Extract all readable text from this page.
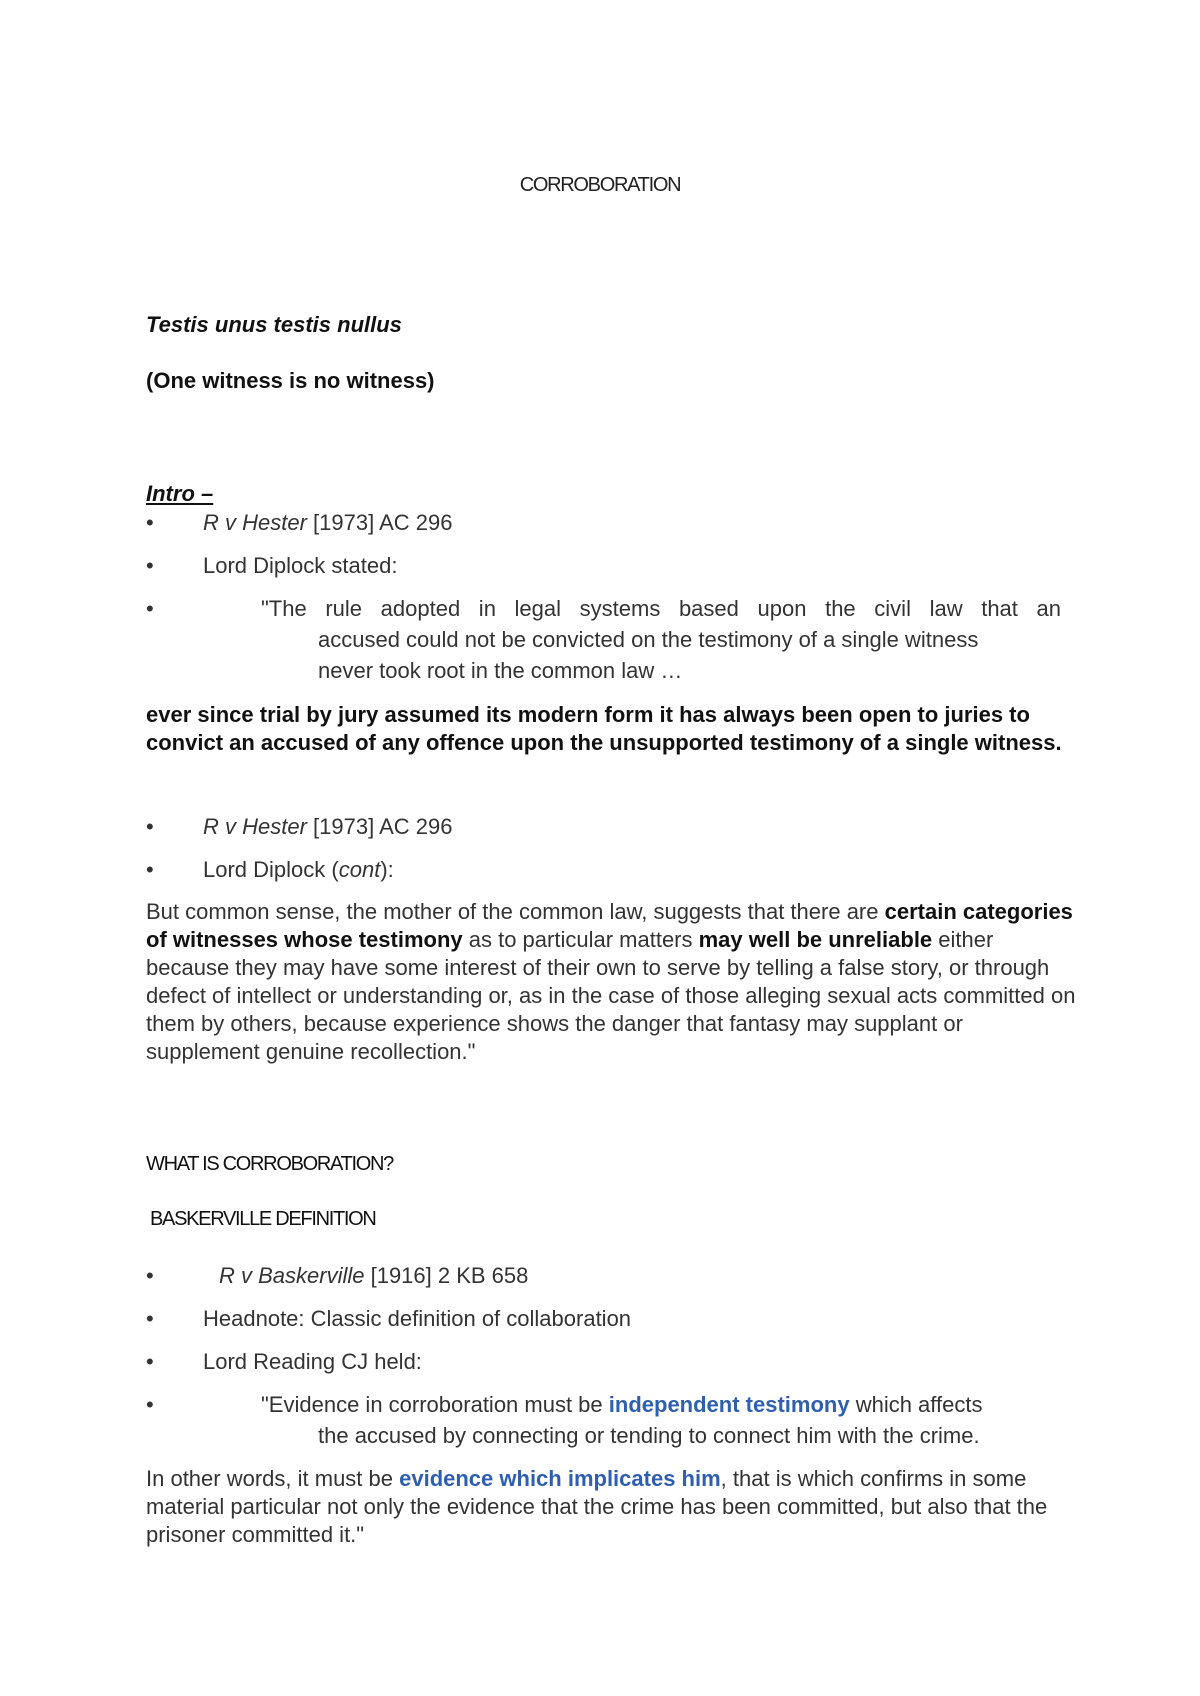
CORROBORATION

Testis unus testis nullus

(One witness is no witness)

Intro –

• R v Hester [1973] AC 296
• Lord Diplock stated:
•	"The rule adopted in legal systems based upon the civil law that an
accused could not be convicted on the testimony of a single witness
never took root in the common law …

ever since trial by jury assumed its modern form it has always been open to juries to convict an accused of any offence upon the unsupported testimony of a single witness.

• R v Hester [1973] AC 296
• Lord Diplock (cont):

But common sense, the mother of the common law, suggests that there are certain categories of witnesses whose testimony as to particular matters may well be unreliable either because they may have some interest of their own to serve by telling a false story, or through defect of intellect or understanding or, as in the case of those alleging sexual acts committed on them by others, because experience shows the danger that fantasy may supplant or supplement genuine recollection."

WHAT IS CORROBORATION?
BASKERVILLE DEFINITION
•	R v Baskerville [1916] 2 KB 658
• Headnote: Classic definition of collaboration
• Lord Reading CJ held:
•	"Evidence in corroboration must be independent testimony which affects
the accused by connecting or tending to connect him with the crime.

In other words, it must be evidence which implicates him, that is which confirms in some material particular not only the evidence that the crime has been committed, but also that the prisoner committed it."
